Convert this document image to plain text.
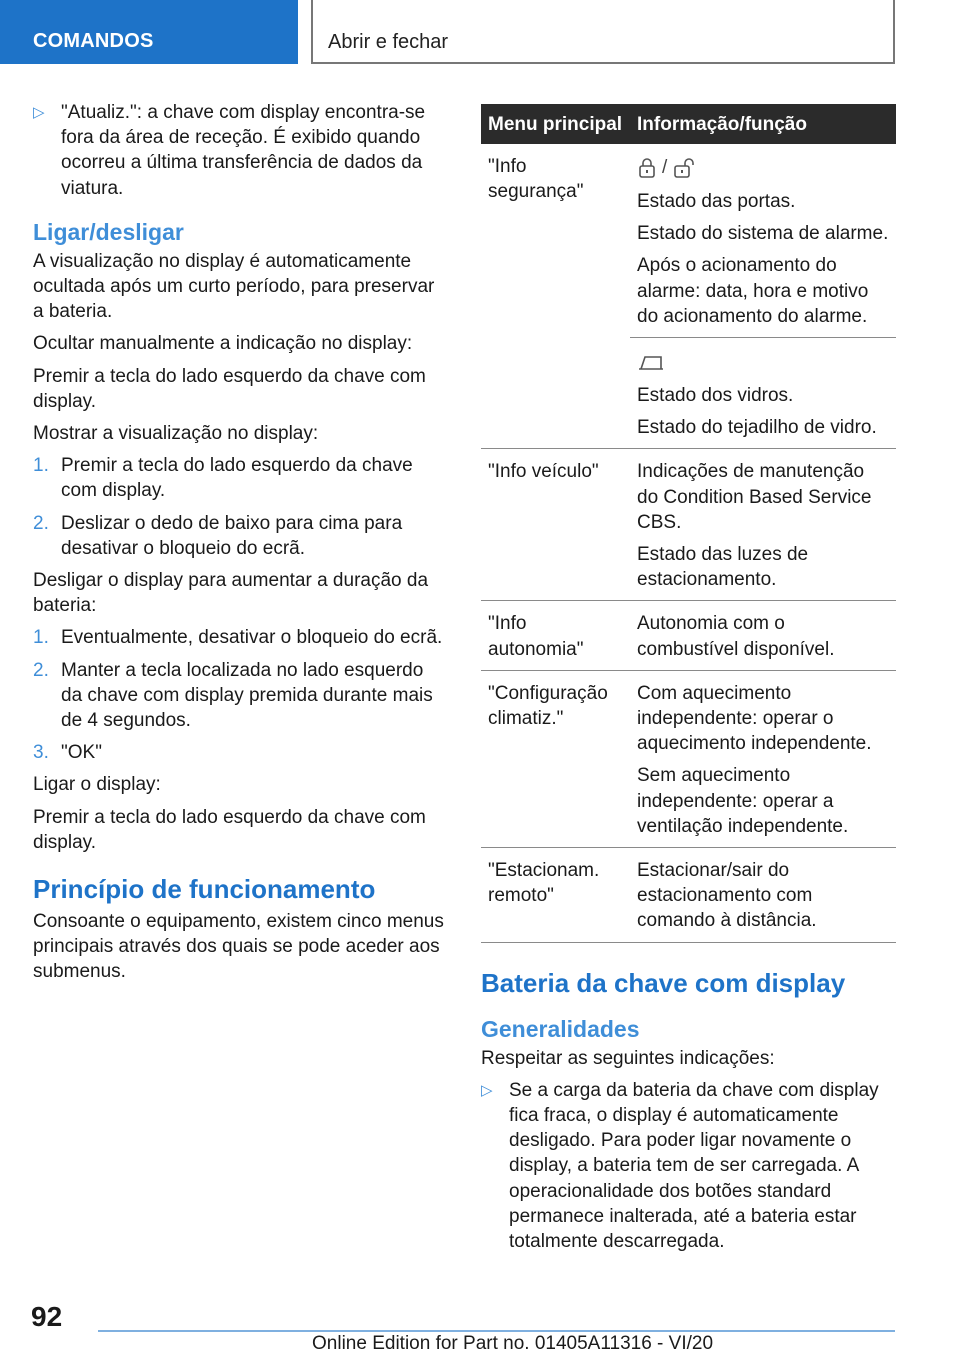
COMANDOS	Abrir e fechar
▷ "Atualiz.": a chave com display encontra-se fora da área de receção. É exibido quando ocorreu a última transferência de dados da viatura.
Ligar/desligar
A visualização no display é automaticamente ocultada após um curto período, para preservar a bateria.
Ocultar manualmente a indicação no display:
Premir a tecla do lado esquerdo da chave com display.
Mostrar a visualização no display:
1. Premir a tecla do lado esquerdo da chave com display.
2. Deslizar o dedo de baixo para cima para desativar o bloqueio do ecrã.
Desligar o display para aumentar a duração da bateria:
1. Eventualmente, desativar o bloqueio do ecrã.
2. Manter a tecla localizada no lado esquerdo da chave com display premida durante mais de 4 segundos.
3. "OK"
Ligar o display:
Premir a tecla do lado esquerdo da chave com display.
Princípio de funcionamento
Consoante o equipamento, existem cinco menus principais através dos quais se pode aceder aos submenus.
Menu principal	Informação/função
"Info segurança"	/
Estado das portas.
Estado do sistema de alarme.
Após o acionamento do alarme: data, hora e motivo do acionamento do alarme.

	Estado dos vidros.
Estado do tejadilho de vidro.

"Info veículo"	Indicações de manutenção do Condition Based Service CBS.
Estado das luzes de estacionamento.

"Info autonomia"	Autonomia com o combustível disponível.

"Configuração climatiz."	Com aquecimento independente: operar o aquecimento independente.
Sem aquecimento independente: operar a ventilação independente.

"Estacionam. remoto"	Estacionar/sair do estacionamento com comando à distância.
Bateria da chave com display
Generalidades
Respeitar as seguintes indicações:
▷ Se a carga da bateria da chave com display fica fraca, o display é automaticamente desligado. Para poder ligar novamente o display, a bateria tem de ser carregada. A operacionalidade dos botões standard permanece inalterada, até a bateria estar totalmente descarregada.
92
Online Edition for Part no. 01405A11316 - VI/20
